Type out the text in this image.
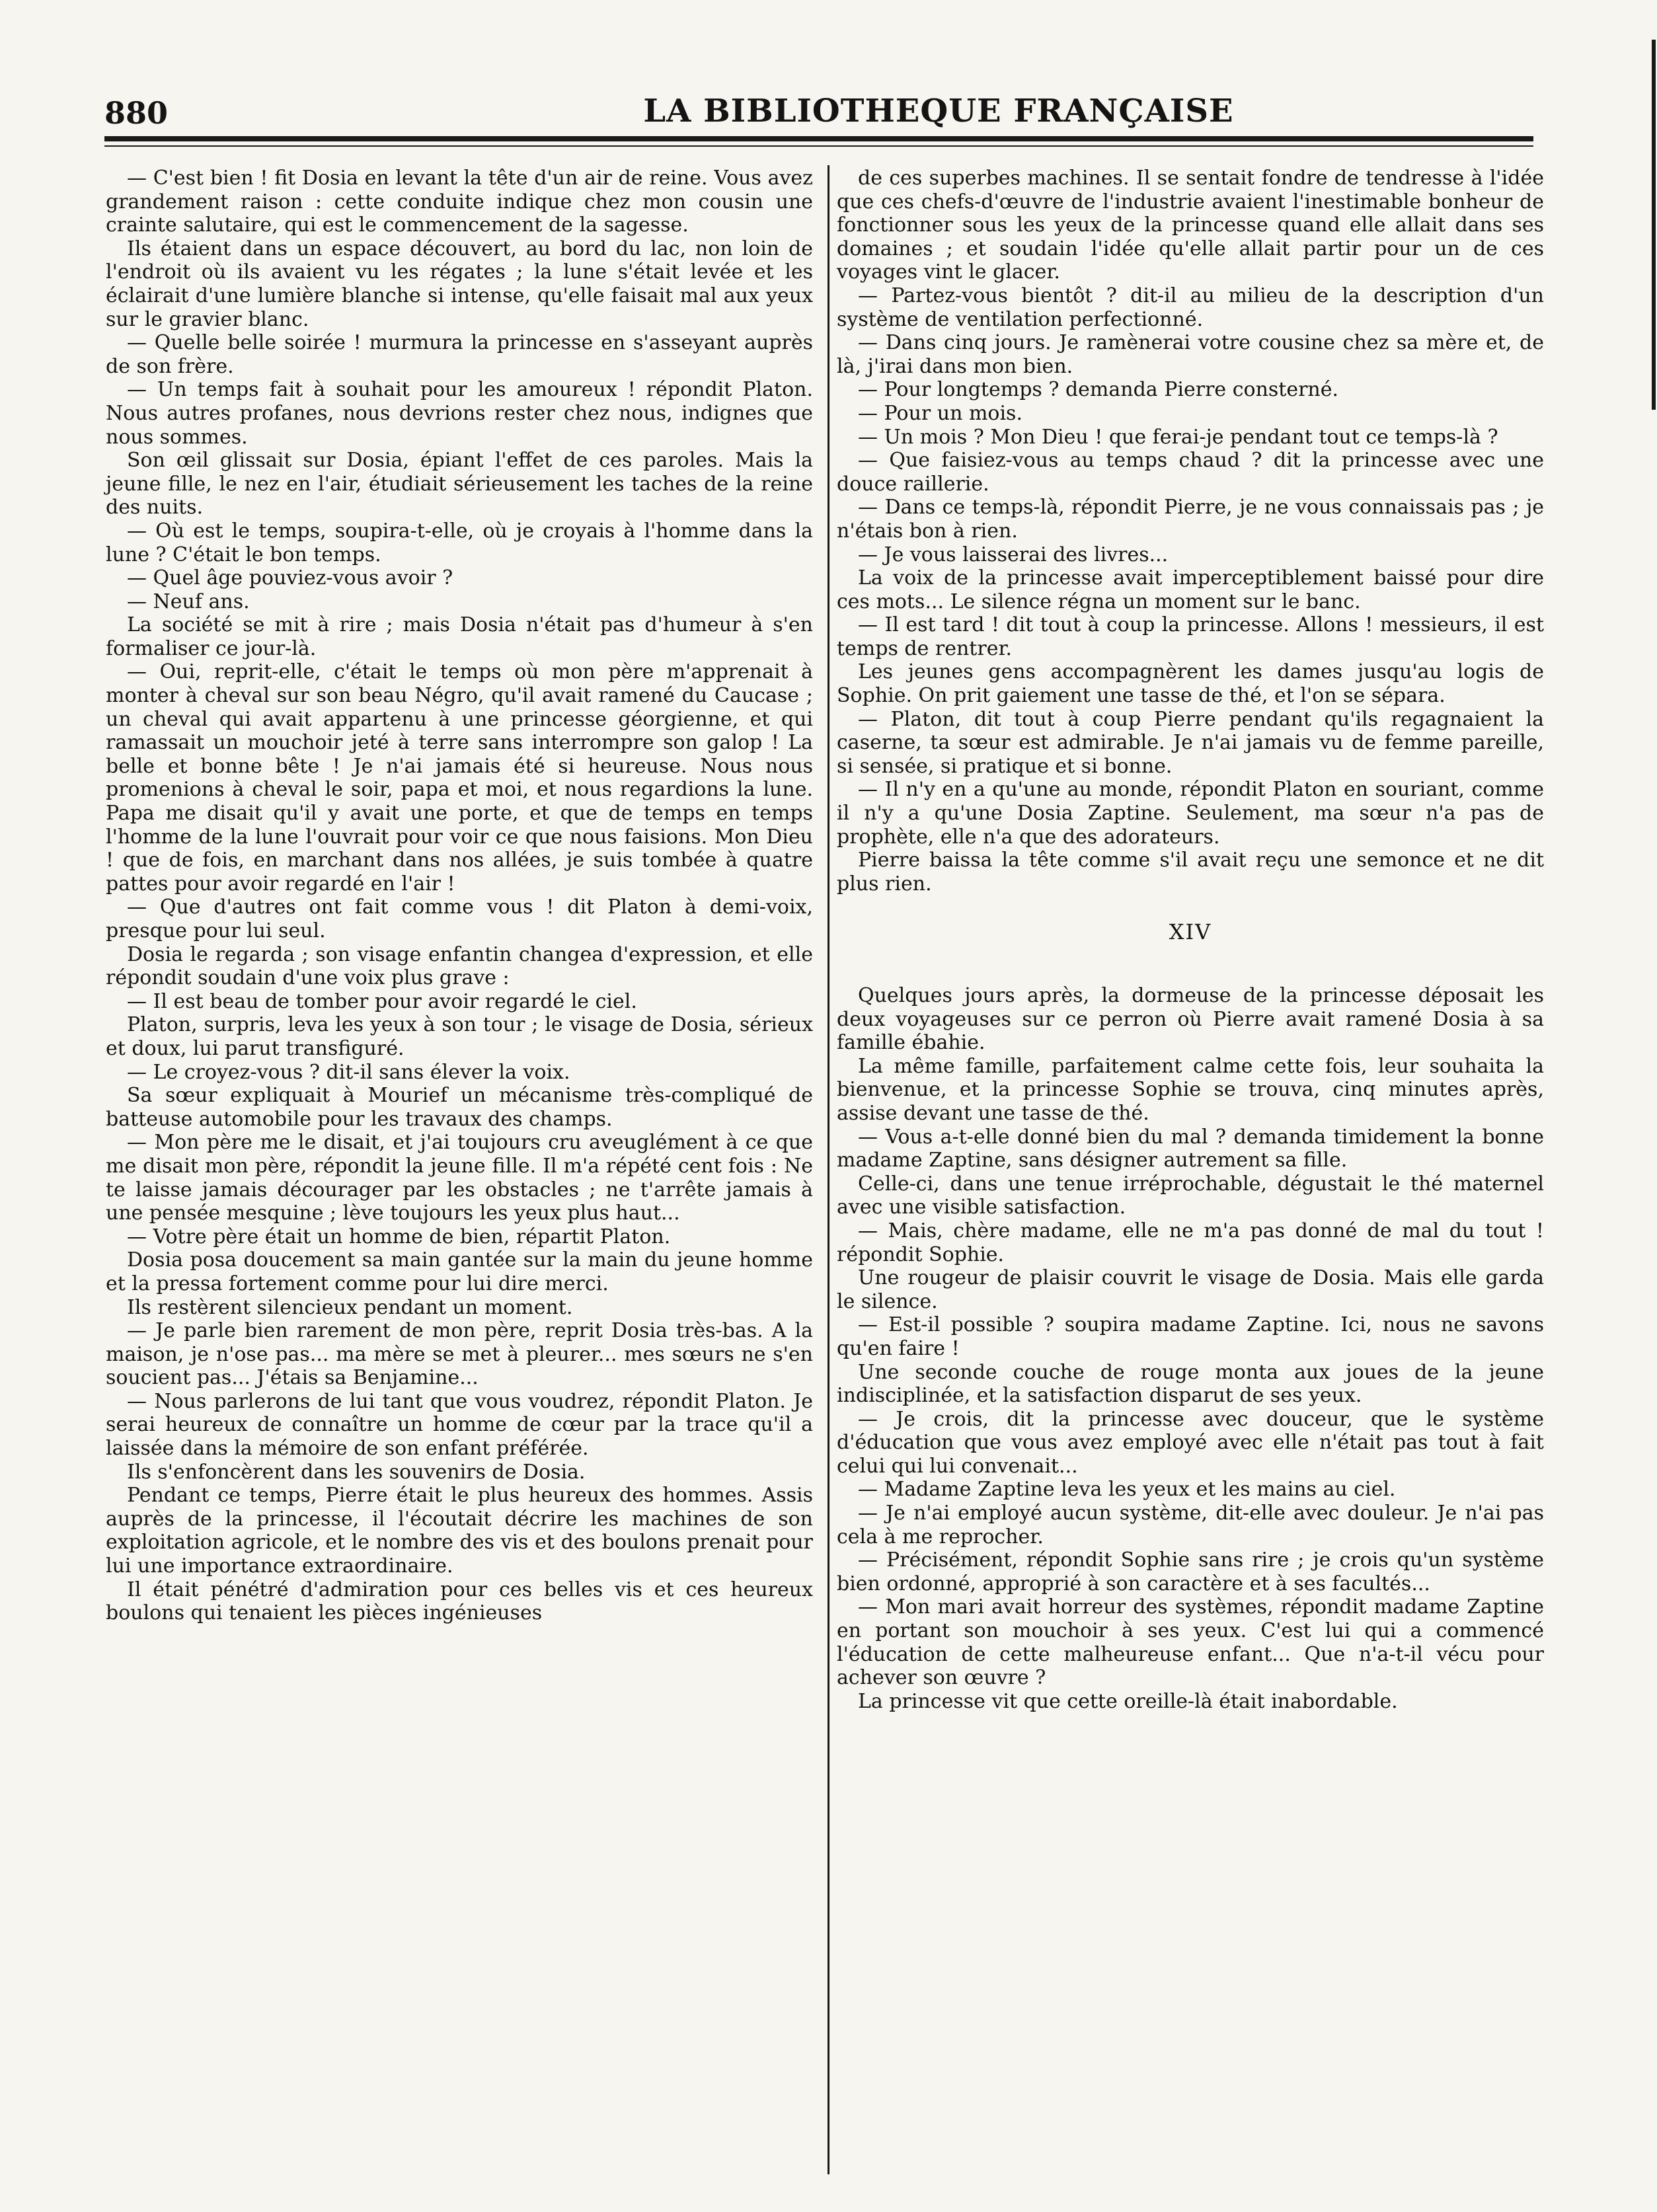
880	LA BIBLIOTHEQUE FRANÇAISE

— C'est bien ! fit Dosia en levant la tête d'un air de reine. Vous avez grandement raison : cette conduite indique chez mon cousin une crainte salutaire, qui est le commencement de la sagesse.

Ils étaient dans un espace découvert, au bord du lac, non loin de l'endroit où ils avaient vu les régates ; la lune s'était levée et les éclairait d'une lumière blanche si intense, qu'elle faisait mal aux yeux sur le gravier blanc.

— Quelle belle soirée ! murmura la princesse en s'asseyant auprès de son frère.

— Un temps fait à souhait pour les amoureux ! répondit Platon. Nous autres profanes, nous devrions rester chez nous, indignes que nous sommes.

Son œil glissait sur Dosia, épiant l'effet de ces paroles. Mais la jeune fille, le nez en l'air, étudiait sérieusement les taches de la reine des nuits.

— Où est le temps, soupira-t-elle, où je croyais à l'homme dans la lune ? C'était le bon temps.

— Quel âge pouviez-vous avoir ?

— Neuf ans.

La société se mit à rire ; mais Dosia n'était pas d'humeur à s'en formaliser ce jour-là.

— Oui, reprit-elle, c'était le temps où mon père m'apprenait à monter à cheval sur son beau Négro, qu'il avait ramené du Caucase ; un cheval qui avait appartenu à une princesse géorgienne, et qui ramassait un mouchoir jeté à terre sans interrompre son galop ! La belle et bonne bête ! Je n'ai jamais été si heureuse. Nous nous promenions à cheval le soir, papa et moi, et nous regardions la lune. Papa me disait qu'il y avait une porte, et que de temps en temps l'homme de la lune l'ouvrait pour voir ce que nous faisions. Mon Dieu ! que de fois, en marchant dans nos allées, je suis tombée à quatre pattes pour avoir regardé en l'air !

— Que d'autres ont fait comme vous ! dit Platon à demi-voix, presque pour lui seul.

Dosia le regarda ; son visage enfantin changea d'expression, et elle répondit soudain d'une voix plus grave :

— Il est beau de tomber pour avoir regardé le ciel.

Platon, surpris, leva les yeux à son tour ; le visage de Dosia, sérieux et doux, lui parut transfiguré.

— Le croyez-vous ? dit-il sans élever la voix.

Sa sœur expliquait à Mourief un mécanisme très-compliqué de batteuse automobile pour les travaux des champs.

— Mon père me le disait, et j'ai toujours cru aveuglément à ce que me disait mon père, répondit la jeune fille. Il m'a répété cent fois : Ne te laisse jamais décourager par les obstacles ; ne t'arrête jamais à une pensée mesquine ; lève toujours les yeux plus haut...

— Votre père était un homme de bien, répartit Platon.

Dosia posa doucement sa main gantée sur la main du jeune homme et la pressa fortement comme pour lui dire merci.

Ils restèrent silencieux pendant un moment.

— Je parle bien rarement de mon père, reprit Dosia très-bas. A la maison, je n'ose pas... ma mère se met à pleurer... mes sœurs ne s'en soucient pas... J'étais sa Benjamine...

— Nous parlerons de lui tant que vous voudrez, répondit Platon. Je serai heureux de connaître un homme de cœur par la trace qu'il a laissée dans la mémoire de son enfant préférée.

Ils s'enfoncèrent dans les souvenirs de Dosia.

Pendant ce temps, Pierre était le plus heureux des hommes. Assis auprès de la princesse, il l'écoutait décrire les machines de son exploitation agricole, et le nombre des vis et des boulons prenait pour lui une importance extraordinaire.

Il était pénétré d'admiration pour ces belles vis et ces heureux boulons qui tenaient les pièces ingénieuses

de ces superbes machines. Il se sentait fondre de tendresse à l'idée que ces chefs-d'œuvre de l'industrie avaient l'inestimable bonheur de fonctionner sous les yeux de la princesse quand elle allait dans ses domaines ; et soudain l'idée qu'elle allait partir pour un de ces voyages vint le glacer.

— Partez-vous bientôt ? dit-il au milieu de la description d'un système de ventilation perfectionné.

— Dans cinq jours. Je ramènerai votre cousine chez sa mère et, de là, j'irai dans mon bien.

— Pour longtemps ? demanda Pierre consterné.

— Pour un mois.

— Un mois ? Mon Dieu ! que ferai-je pendant tout ce temps-là ?

— Que faisiez-vous au temps chaud ? dit la princesse avec une douce raillerie.

— Dans ce temps-là, répondit Pierre, je ne vous connaissais pas ; je n'étais bon à rien.

— Je vous laisserai des livres...

La voix de la princesse avait imperceptiblement baissé pour dire ces mots... Le silence régna un moment sur le banc.

— Il est tard ! dit tout à coup la princesse. Allons ! messieurs, il est temps de rentrer.

Les jeunes gens accompagnèrent les dames jusqu'au logis de Sophie. On prit gaiement une tasse de thé, et l'on se sépara.

— Platon, dit tout à coup Pierre pendant qu'ils regagnaient la caserne, ta sœur est admirable. Je n'ai jamais vu de femme pareille, si sensée, si pratique et si bonne.

— Il n'y en a qu'une au monde, répondit Platon en souriant, comme il n'y a qu'une Dosia Zaptine. Seulement, ma sœur n'a pas de prophète, elle n'a que des adorateurs.

Pierre baissa la tête comme s'il avait reçu une semonce et ne dit plus rien.

XIV

Quelques jours après, la dormeuse de la princesse déposait les deux voyageuses sur ce perron où Pierre avait ramené Dosia à sa famille ébahie.

La même famille, parfaitement calme cette fois, leur souhaita la bienvenue, et la princesse Sophie se trouva, cinq minutes après, assise devant une tasse de thé.

— Vous a-t-elle donné bien du mal ? demanda timidement la bonne madame Zaptine, sans désigner autrement sa fille.

Celle-ci, dans une tenue irréprochable, dégustait le thé maternel avec une visible satisfaction.

— Mais, chère madame, elle ne m'a pas donné de mal du tout ! répondit Sophie.

Une rougeur de plaisir couvrit le visage de Dosia. Mais elle garda le silence.

— Est-il possible ? soupira madame Zaptine. Ici, nous ne savons qu'en faire !

Une seconde couche de rouge monta aux joues de la jeune indisciplinée, et la satisfaction disparut de ses yeux.

— Je crois, dit la princesse avec douceur, que le système d'éducation que vous avez employé avec elle n'était pas tout à fait celui qui lui convenait...

— Madame Zaptine leva les yeux et les mains au ciel.

— Je n'ai employé aucun système, dit-elle avec douleur. Je n'ai pas cela à me reprocher.

— Précisément, répondit Sophie sans rire ; je crois qu'un système bien ordonné, approprié à son caractère et à ses facultés...

— Mon mari avait horreur des systèmes, répondit madame Zaptine en portant son mouchoir à ses yeux. C'est lui qui a commencé l'éducation de cette malheureuse enfant... Que n'a-t-il vécu pour achever son œuvre ?

La princesse vit que cette oreille-là était inabordable.
